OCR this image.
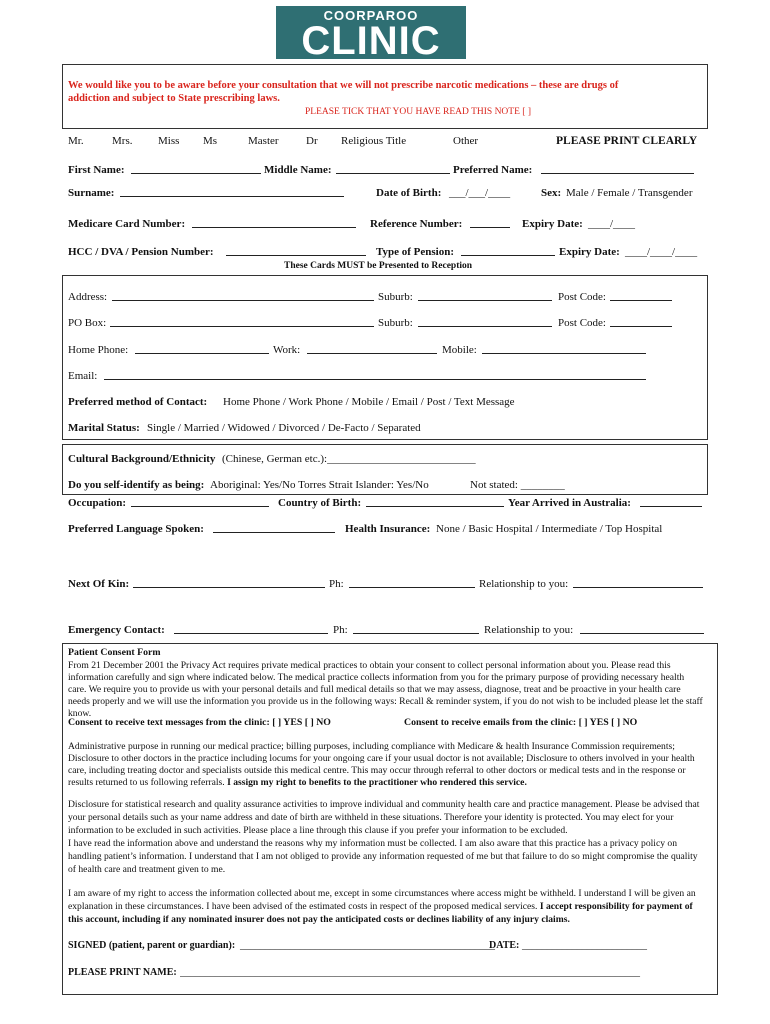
COORPAROO
CLINIC
We would like you to be aware before your consultation that we will not prescribe narcotic medications – these are drugs of
addiction and subject to State prescribing laws.
PLEASE TICK THAT YOU HAVE READ THIS NOTE [ ]
Mr.	Mrs. Miss Ms	Master Dr Religious Title	Other	PLEASE PRINT CLEARLY
First Name:	Middle Name:	Preferred Name:
Surname:	Date of Birth: ___/___/____	Sex: Male / Female / Transgender
Medicare Card Number:	Reference Number:	Expiry Date: ____/____
HCC / DVA / Pension Number:	Type of Pension:	Expiry Date: ____/____/____
These Cards MUST be Presented to Reception
Address:	Suburb:	Post Code:
PO Box:	Suburb:	Post Code:
Home Phone:	Work:	Mobile:
Email:
Preferred method of Contact: Home Phone / Work Phone / Mobile / Email / Post / Text Message
Marital Status: Single / Married / Widowed / Divorced / De-Facto / Separated
Cultural Background/Ethnicity (Chinese, German etc.):___________________________
Do you self-identify as being: Aboriginal: Yes/No Torres Strait Islander: Yes/No	Not stated: ________
Occupation:	Country of Birth:	Year Arrived in Australia:
Preferred Language Spoken:	Health Insurance: None / Basic Hospital / Intermediate / Top Hospital
Next Of Kin:	Ph:	Relationship to you:
Emergency Contact:	Ph:	Relationship to you:
Patient Consent Form
From 21 December 2001 the Privacy Act requires private medical practices to obtain your consent to collect personal information about you. Please read this information carefully and sign where indicated below. The medical practice collects information from you for the primary purpose of providing necessary health care. We require you to provide us with your personal details and full medical details so that we may assess, diagnose, treat and be proactive in your health care needs properly and we will use the information you provide us in the following ways: Recall & reminder system, if you do not wish to be included please let the staff know.
Consent to receive text messages from the clinic: [ ] YES [ ] NO	Consent to receive emails from the clinic: [ ] YES [ ] NO
Administrative purpose in running our medical practice; billing purposes, including compliance with Medicare & health Insurance Commission requirements; Disclosure to other doctors in the practice including locums for your ongoing care if your usual doctor is not available; Disclosure to others involved in your health care, including treating doctor and specialists outside this medical centre. This may occur through referral to other doctors or medical tests and in the response or results returned to us following referrals. I assign my right to benefits to the practitioner who rendered this service.
Disclosure for statistical research and quality assurance activities to improve individual and community health care and practice management. Please be advised that your personal details such as your name address and date of birth are withheld in these situations. Therefore your identity is protected. You may elect for your information to be excluded in such activities. Please place a line through this clause if you prefer your information to be excluded.
I have read the information above and understand the reasons why my information must be collected. I am also aware that this practice has a privacy policy on handling patient’s information. I understand that I am not obliged to provide any information requested of me but that failure to do so might compromise the quality of health care and treatment given to me.
I am aware of my right to access the information collected about me, except in some circumstances where access might be withheld. I understand I will be given an explanation in these circumstances. I have been advised of the estimated costs in respect of the proposed medical services. I accept responsibility for payment of this account, including if any nominated insurer does not pay the anticipated costs or declines liability of any injury claims.
SIGNED (patient, parent or guardian): ___________________________________________________
DATE: _________________________
PLEASE PRINT NAME: ____________________________________________________________________________________________
